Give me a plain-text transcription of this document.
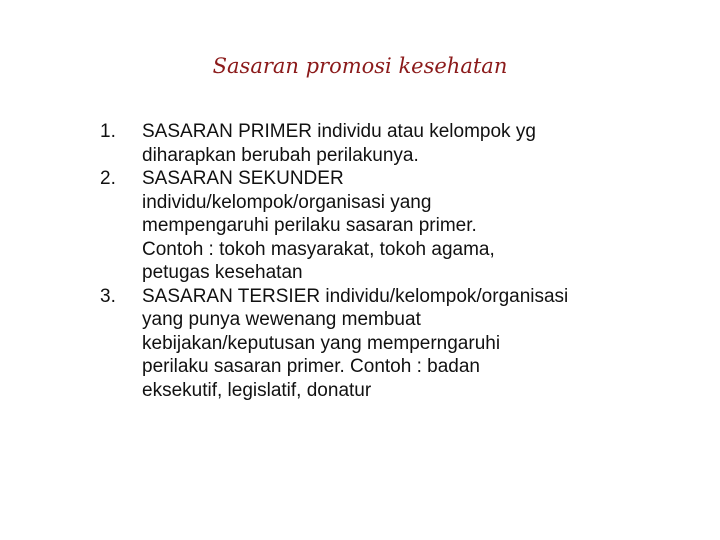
Sasaran promosi kesehatan
1. SASARAN PRIMER individu atau kelompok yg
diharapkan berubah perilakunya.
2. SASARAN SEKUNDER
individu/kelompok/organisasi yang
mempengaruhi perilaku sasaran primer.
Contoh : tokoh masyarakat, tokoh agama,
petugas kesehatan
3. SASARAN TERSIER individu/kelompok/organisasi
yang punya wewenang membuat
kebijakan/keputusan yang memperngaruhi
perilaku sasaran primer. Contoh : badan
eksekutif, legislatif, donatur
